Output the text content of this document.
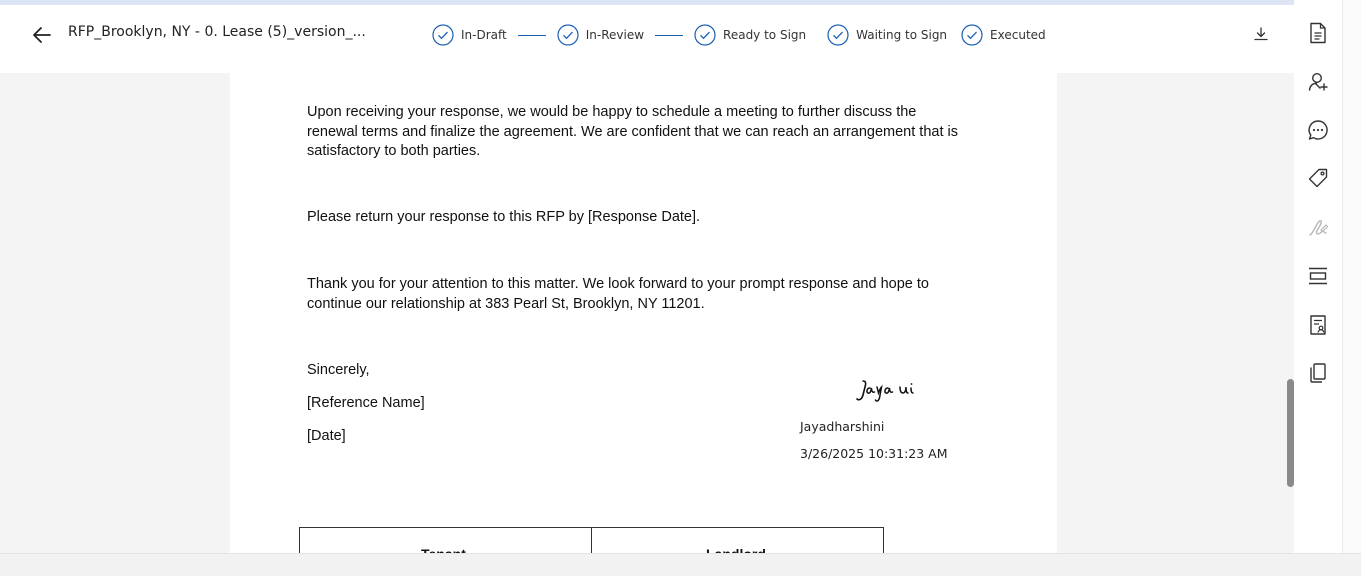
RFP_Brooklyn, NY - 0. Lease (5)_version_...	In-Draft	In-Review	Ready to Sign	Waiting to Sign	Executed
Upon receiving your response, we would be happy to schedule a meeting to further discuss the
renewal terms and finalize the agreement. We are confident that we can reach an arrangement that is
satisfactory to both parties.
Please return your response to this RFP by [Response Date].
Thank you for your attention to this matter. We look forward to your prompt response and hope to
continue our relationship at 383 Pearl St, Brooklyn, NY 11201.
Sincerely,
[Reference Name]
[Date]
Jayadharshini
3/26/2025 10:31:23 AM
